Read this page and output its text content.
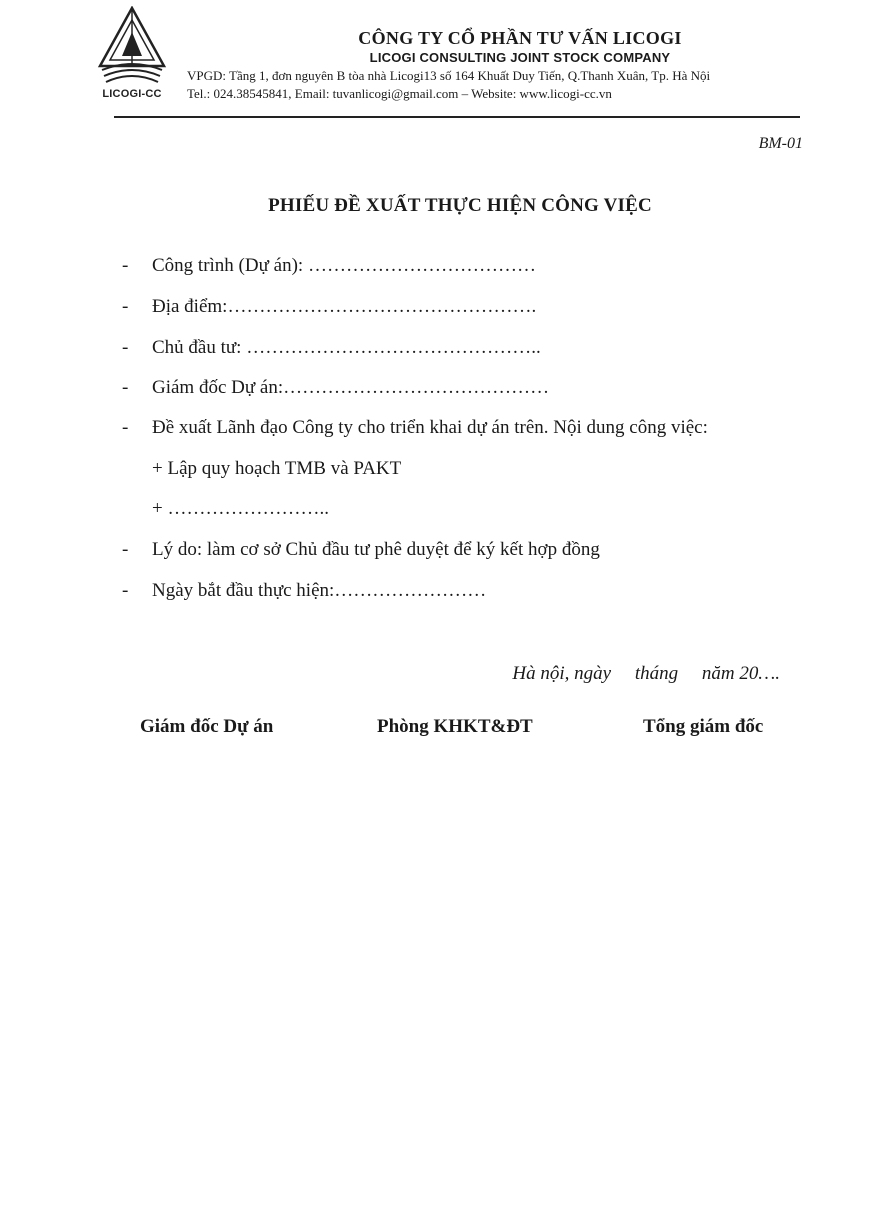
LICOGI-CC
CÔNG TY CỔ PHẦN TƯ VẤN LICOGI
LICOGI CONSULTING JOINT STOCK COMPANY
VPGD: Tầng 1, đơn nguyên B tòa nhà Licogi13 số 164 Khuất Duy Tiến, Q.Thanh Xuân, Tp. Hà Nội
Tel.: 024.38545841, Email: tuvanlicogi@gmail.com – Website: www.licogi-cc.vn
BM-01
PHIẾU ĐỀ XUẤT THỰC HIỆN CÔNG VIỆC
- Công trình (Dự án): ………………………………
- Địa điểm:………………………………………….
- Chủ đầu tư: ………………………………………..
- Giám đốc Dự án:……………………………………
- Đề xuất Lãnh đạo Công ty cho triển khai dự án trên. Nội dung công việc:
+ Lập quy hoạch TMB và PAKT
+ ……………………..
- Lý do: làm cơ sở Chủ đầu tư phê duyệt để ký kết hợp đồng
- Ngày bắt đầu thực hiện:……………………
Hà nội, ngày     tháng     năm 20….
Giám đốc Dự án	Phòng KHKT&ĐT	Tổng giám đốc
